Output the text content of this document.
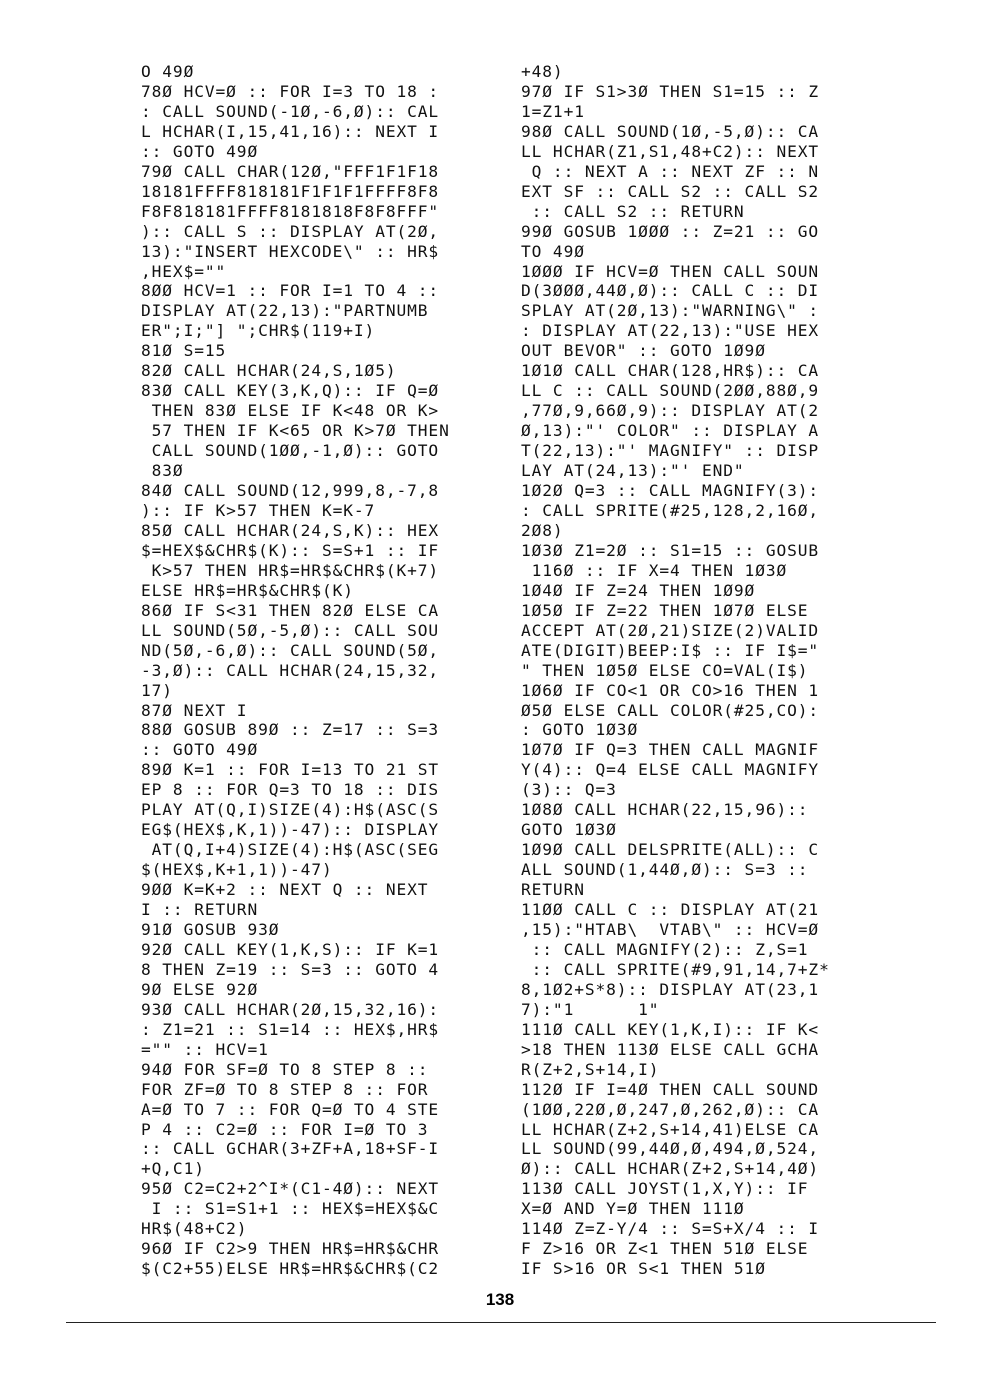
O 49Ø
78Ø HCV=Ø :: FOR I=3 TO 18 :
: CALL SOUND(-1Ø,-6,Ø):: CAL
L HCHAR(I,15,41,16):: NEXT I
:: GOTO 49Ø
79Ø CALL CHAR(12Ø,"FFF1F1F18
18181FFFF818181F1F1F1FFFF8F8
F8F818181FFFF8181818F8F8FFF"
):: CALL S :: DISPLAY AT(2Ø,
13):"INSERT HEXCODE\" :: HR$
,HEX$=""
8ØØ HCV=1 :: FOR I=1 TO 4 ::
DISPLAY AT(22,13):"PARTNUMB
ER";I;"] ";CHR$(119+I)
81Ø S=15
82Ø CALL HCHAR(24,S,1Ø5)
83Ø CALL KEY(3,K,Q):: IF Q=Ø
THEN 83Ø ELSE IF K<48 OR K>
57 THEN IF K<65 OR K>7Ø THEN
CALL SOUND(1ØØ,-1,Ø):: GOTO
83Ø
84Ø CALL SOUND(12,999,8,-7,8
):: IF K>57 THEN K=K-7
85Ø CALL HCHAR(24,S,K):: HEX
$=HEX$&CHR$(K):: S=S+1 :: IF
K>57 THEN HR$=HR$&CHR$(K+7)
ELSE HR$=HR$&CHR$(K)
86Ø IF S<31 THEN 82Ø ELSE CA
LL SOUND(5Ø,-5,Ø):: CALL SOU
ND(5Ø,-6,Ø):: CALL SOUND(5Ø,
-3,Ø):: CALL HCHAR(24,15,32,
17)
87Ø NEXT I
88Ø GOSUB 89Ø :: Z=17 :: S=3
:: GOTO 49Ø
89Ø K=1 :: FOR I=13 TO 21 ST
EP 8 :: FOR Q=3 TO 18 :: DIS
PLAY AT(Q,I)SIZE(4):H$(ASC(S
EG$(HEX$,K,1))-47):: DISPLAY
AT(Q,I+4)SIZE(4):H$(ASC(SEG
$(HEX$,K+1,1))-47)
9ØØ K=K+2 :: NEXT Q :: NEXT
I :: RETURN
91Ø GOSUB 93Ø
92Ø CALL KEY(1,K,S):: IF K=1
8 THEN Z=19 :: S=3 :: GOTO 4
9Ø ELSE 92Ø
93Ø CALL HCHAR(2Ø,15,32,16):
: Z1=21 :: S1=14 :: HEX$,HR$
="" :: HCV=1
94Ø FOR SF=Ø TO 8 STEP 8 ::
FOR ZF=Ø TO 8 STEP 8 :: FOR
A=Ø TO 7 :: FOR Q=Ø TO 4 STE
P 4 :: C2=Ø :: FOR I=Ø TO 3
:: CALL GCHAR(3+ZF+A,18+SF-I
+Q,C1)
95Ø C2=C2+2^I*(C1-4Ø):: NEXT
I :: S1=S1+1 :: HEX$=HEX$&C
HR$(48+C2)
96Ø IF C2>9 THEN HR$=HR$&CHR
$(C2+55)ELSE HR$=HR$&CHR$(C2
+48)
97Ø IF S1>3Ø THEN S1=15 :: Z
1=Z1+1
98Ø CALL SOUND(1Ø,-5,Ø):: CA
LL HCHAR(Z1,S1,48+C2):: NEXT
Q :: NEXT A :: NEXT ZF :: N
EXT SF :: CALL S2 :: CALL S2
:: CALL S2 :: RETURN
99Ø GOSUB 1ØØØ :: Z=21 :: GO
TO 49Ø
1ØØØ IF HCV=Ø THEN CALL SOUN
D(3ØØØ,44Ø,Ø):: CALL C :: DI
SPLAY AT(2Ø,13):"WARNING\" :
: DISPLAY AT(22,13):"USE HEX
OUT BEVOR" :: GOTO 1Ø9Ø
1Ø1Ø CALL CHAR(128,HR$):: CA
LL C :: CALL SOUND(2ØØ,88Ø,9
,77Ø,9,66Ø,9):: DISPLAY AT(2
Ø,13):"' COLOR" :: DISPLAY A
T(22,13):"' MAGNIFY" :: DISP
LAY AT(24,13):"' END"
1Ø2Ø Q=3 :: CALL MAGNIFY(3):
: CALL SPRITE(#25,128,2,16Ø,
2Ø8)
1Ø3Ø Z1=2Ø :: S1=15 :: GOSUB
116Ø :: IF X=4 THEN 1Ø3Ø
1Ø4Ø IF Z=24 THEN 1Ø9Ø
1Ø5Ø IF Z=22 THEN 1Ø7Ø ELSE
ACCEPT AT(2Ø,21)SIZE(2)VALID
ATE(DIGIT)BEEP:I$ :: IF I$="
" THEN 1Ø5Ø ELSE CO=VAL(I$)
1Ø6Ø IF CO<1 OR CO>16 THEN 1
Ø5Ø ELSE CALL COLOR(#25,CO):
: GOTO 1Ø3Ø
1Ø7Ø IF Q=3 THEN CALL MAGNIF
Y(4):: Q=4 ELSE CALL MAGNIFY
(3):: Q=3
1Ø8Ø CALL HCHAR(22,15,96)::
GOTO 1Ø3Ø
1Ø9Ø CALL DELSPRITE(ALL):: C
ALL SOUND(1,44Ø,Ø):: S=3 ::
RETURN
11ØØ CALL C :: DISPLAY AT(21
,15):"HTAB\  VTAB\" :: HCV=Ø
:: CALL MAGNIFY(2):: Z,S=1
:: CALL SPRITE(#9,91,14,7+Z*
8,1Ø2+S*8):: DISPLAY AT(23,1
7):"1      1"
111Ø CALL KEY(1,K,I):: IF K<
>18 THEN 113Ø ELSE CALL GCHA
R(Z+2,S+14,I)
112Ø IF I=4Ø THEN CALL SOUND
(1ØØ,22Ø,Ø,247,Ø,262,Ø):: CA
LL HCHAR(Z+2,S+14,41)ELSE CA
LL SOUND(99,44Ø,Ø,494,Ø,524,
Ø):: CALL HCHAR(Z+2,S+14,4Ø)
113Ø CALL JOYST(1,X,Y):: IF
X=Ø AND Y=Ø THEN 111Ø
114Ø Z=Z-Y/4 :: S=S+X/4 :: I
F Z>16 OR Z<1 THEN 51Ø ELSE
IF S>16 OR S<1 THEN 51Ø
138
